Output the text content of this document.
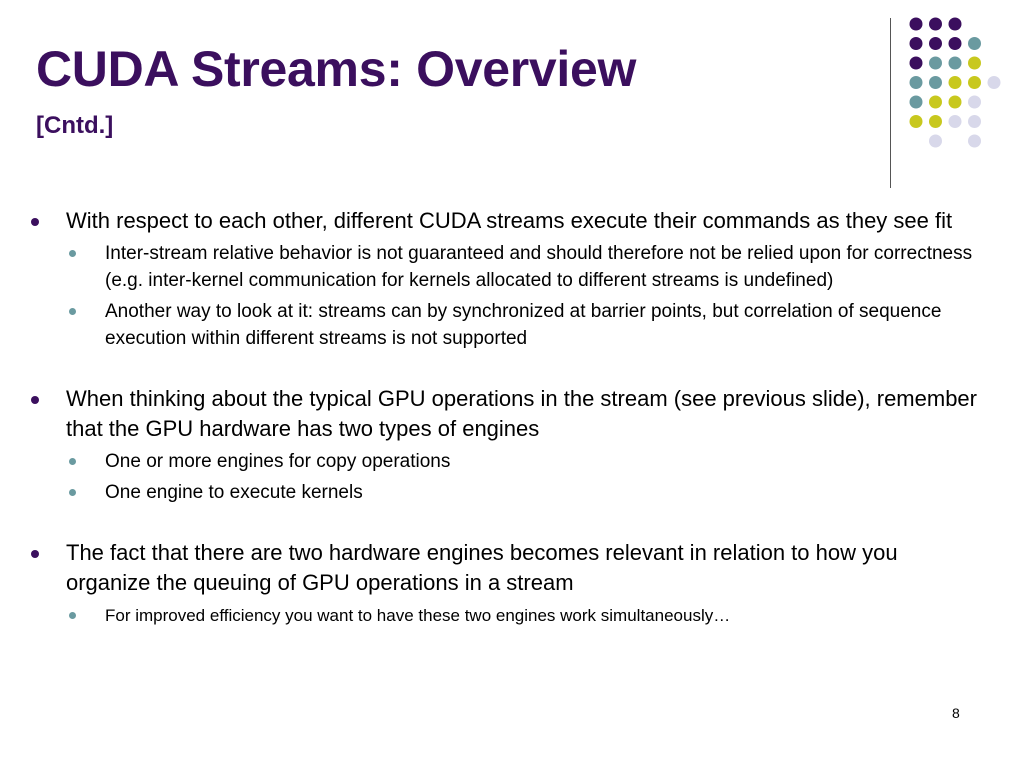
CUDA Streams: Overview
[Cntd.]
With respect to each other, different CUDA streams execute their commands as they see fit
Inter-stream relative behavior is not guaranteed and should therefore not be relied upon for correctness (e.g. inter-kernel communication for kernels allocated to different streams is undefined)
Another way to look at it: streams can by synchronized at barrier points, but correlation of sequence execution within different streams is not supported
When thinking about the typical GPU operations in the stream (see previous slide), remember that the GPU hardware has two types of engines
One or more engines for copy operations
One engine to execute kernels
The fact that there are two hardware engines becomes relevant in relation to how you organize the queuing of GPU operations in a stream
For improved efficiency you want to have these two engines work simultaneously…
8
